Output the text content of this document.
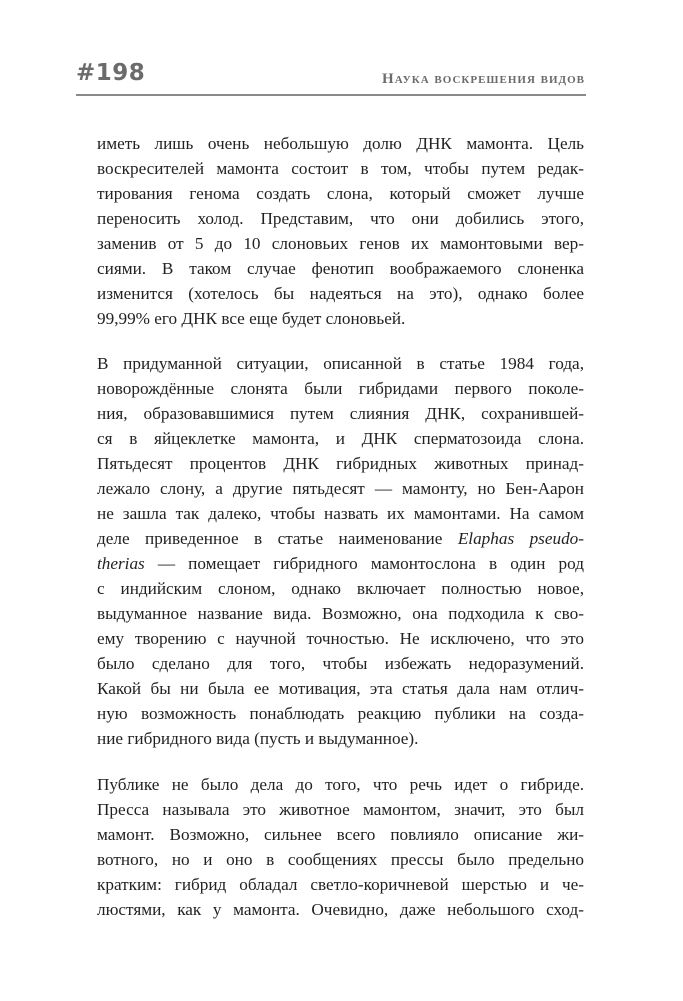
#198	Наука воскрешения видов
иметь лишь очень небольшую долю ДНК мамонта. Цель
воскресителей мамонта состоит в том, чтобы путем редак-
тирования генома создать слона, который сможет лучше
переносить холод. Представим, что они добились этого,
заменив от 5 до 10 слоновьих генов их мамонтовыми вер-
сиями. В таком случае фенотип воображаемого слоненка
изменится (хотелось бы надеяться на это), однако более
99,99% его ДНК все еще будет слоновьей.
В придуманной ситуации, описанной в статье 1984 года,
новорождённые слонята были гибридами первого поколе-
ния, образовавшимися путем слияния ДНК, сохранившей-
ся в яйцеклетке мамонта, и ДНК сперматозоида слона.
Пятьдесят процентов ДНК гибридных животных принад-
лежало слону, а другие пятьдесят — мамонту, но Бен-Аарон
не зашла так далеко, чтобы назвать их мамонтами. На самом
деле приведенное в статье наименование Elaphas pseudo-
therias — помещает гибридного мамонтослона в один род
с индийским слоном, однако включает полностью новое,
выдуманное название вида. Возможно, она подходила к сво-
ему творению с научной точностью. Не исключено, что это
было сделано для того, чтобы избежать недоразумений.
Какой бы ни была ее мотивация, эта статья дала нам отлич-
ную возможность понаблюдать реакцию публики на созда-
ние гибридного вида (пусть и выдуманное).
Публике не было дела до того, что речь идет о гибриде.
Пресса называла это животное мамонтом, значит, это был
мамонт. Возможно, сильнее всего повлияло описание жи-
вотного, но и оно в сообщениях прессы было предельно
кратким: гибрид обладал светло-коричневой шерстью и че-
люстями, как у мамонта. Очевидно, даже небольшого сход-
